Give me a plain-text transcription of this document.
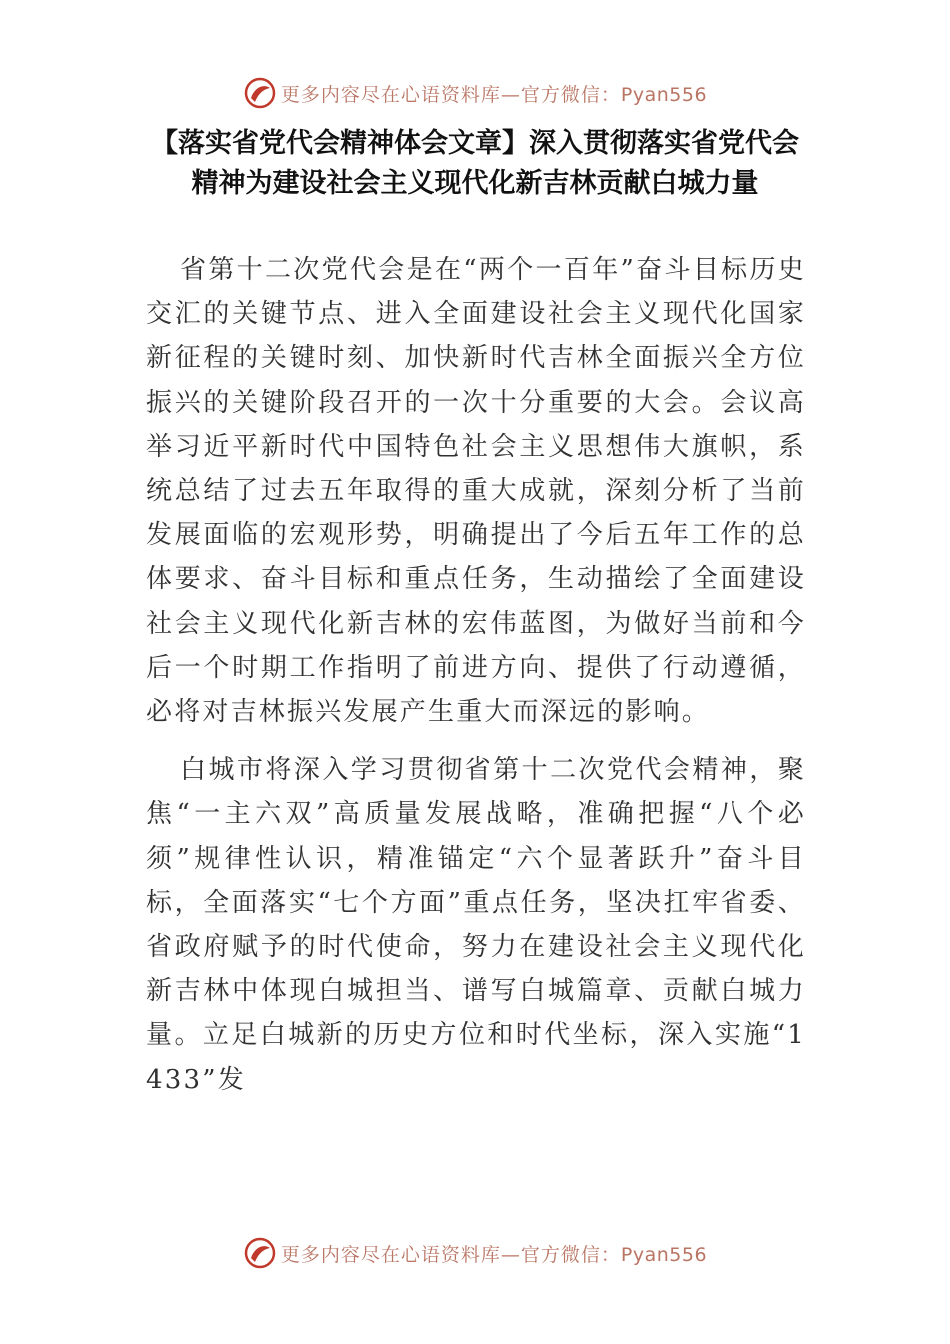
更多内容尽在心语资料库—官方微信：Pyan556
【落实省党代会精神体会文章】深入贯彻落实省党代会
精神为建设社会主义现代化新吉林贡献白城力量

省第十二次党代会是在“两个一百年”奋斗目标历史交汇的关键节点、进入全面建设社会主义现代化国家新征程的关键时刻、加快新时代吉林全面振兴全方位振兴的关键阶段召开的一次十分重要的大会。会议高举习近平新时代中国特色社会主义思想伟大旗帜，系统总结了过去五年取得的重大成就，深刻分析了当前发展面临的宏观形势，明确提出了今后五年工作的总体要求、奋斗目标和重点任务，生动描绘了全面建设社会主义现代化新吉林的宏伟蓝图，为做好当前和今后一个时期工作指明了前进方向、提供了行动遵循，必将对吉林振兴发展产生重大而深远的影响。

白城市将深入学习贯彻省第十二次党代会精神，聚焦“一主六双”高质量发展战略，准确把握“八个必须”规律性认识，精准锚定“六个显著跃升”奋斗目标，全面落实“七个方面”重点任务，坚决扛牢省委、省政府赋予的时代使命，努力在建设社会主义现代化新吉林中体现白城担当、谱写白城篇章、贡献白城力量。立足白城新的历史方位和时代坐标，深入实施“1433”发

更多内容尽在心语资料库—官方微信：Pyan556
